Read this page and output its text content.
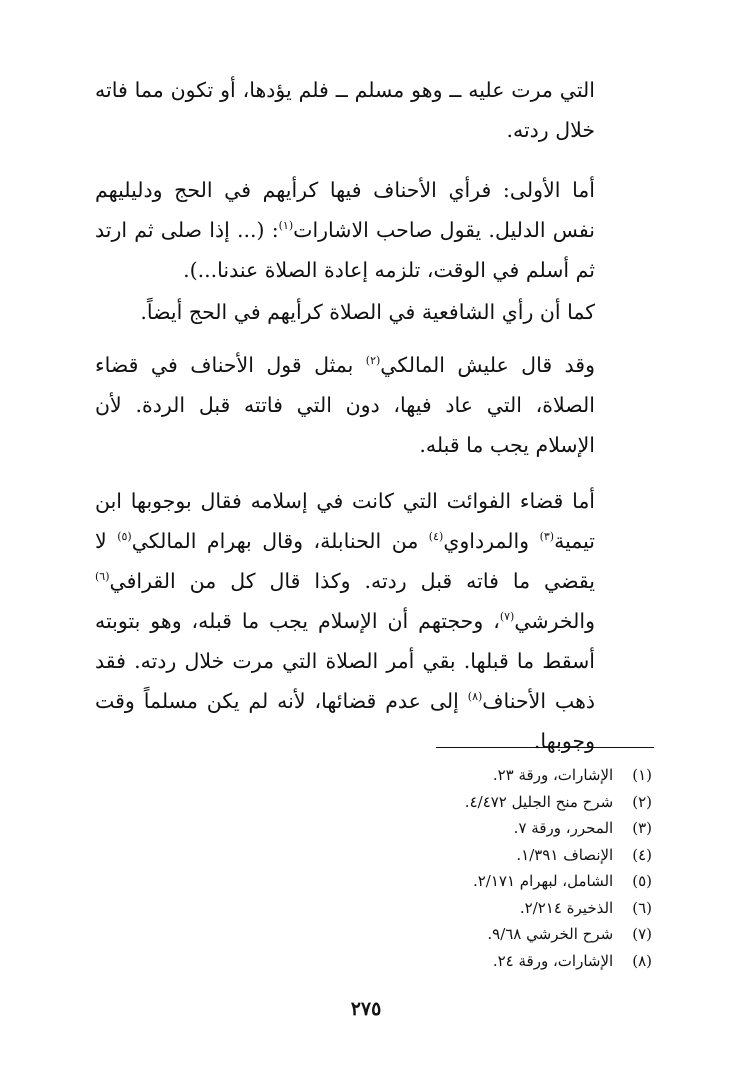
التي مرت عليه ــ وهو مسلم ــ فلم يؤدها، أو تكون مما فاته خلال ردته.

أما الأولى: فرأي الأحناف فيها كرأيهم في الحج ودليليهم نفس الدليل. يقول صاحب الاشارات$^{(١)}$: (... إذا صلى ثم ارتد ثم أسلم في الوقت، تلزمه إعادة الصلاة عندنا...).

كما أن رأي الشافعية في الصلاة كرأيهم في الحج أيضاً.

وقد قال عليش المالكي$^{(٢)}$ بمثل قول الأحناف في قضاء الصلاة، التي عاد فيها، دون التي فاتته قبل الردة. لأن الإسلام يجب ما قبله.

أما قضاء الفوائت التي كانت في إسلامه فقال بوجوبها ابن تيمية$^{(٣)}$ والمرداوي$^{(٤)}$ من الحنابلة، وقال بهرام المالكي$^{(٥)}$ لا يقضي ما فاته قبل ردته. وكذا قال كل من القرافي$^{(٦)}$ والخرشي$^{(٧)}$، وحجتهم أن الإسلام يجب ما قبله، وهو بتوبته أسقط ما قبلها. بقي أمر الصلاة التي مرت خلال ردته. فقد ذهب الأحناف$^{(٨)}$ إلى عدم قضائها، لأنه لم يكن مسلماً وقت وجوبها.

(١) الإشارات، ورقة ٢٣.
(٢) شرح منح الجليل ٤/٤٧٢.
(٣) المحرر، ورقة ٧.
(٤) الإنصاف ١/٣٩١.
(٥) الشامل، لبهرام ٢/١٧١.
(٦) الذخيرة ٢/٢١٤.
(٧) شرح الخرشي ٩/٦٨.
(٨) الإشارات، ورقة ٢٤.
٢٧٥
